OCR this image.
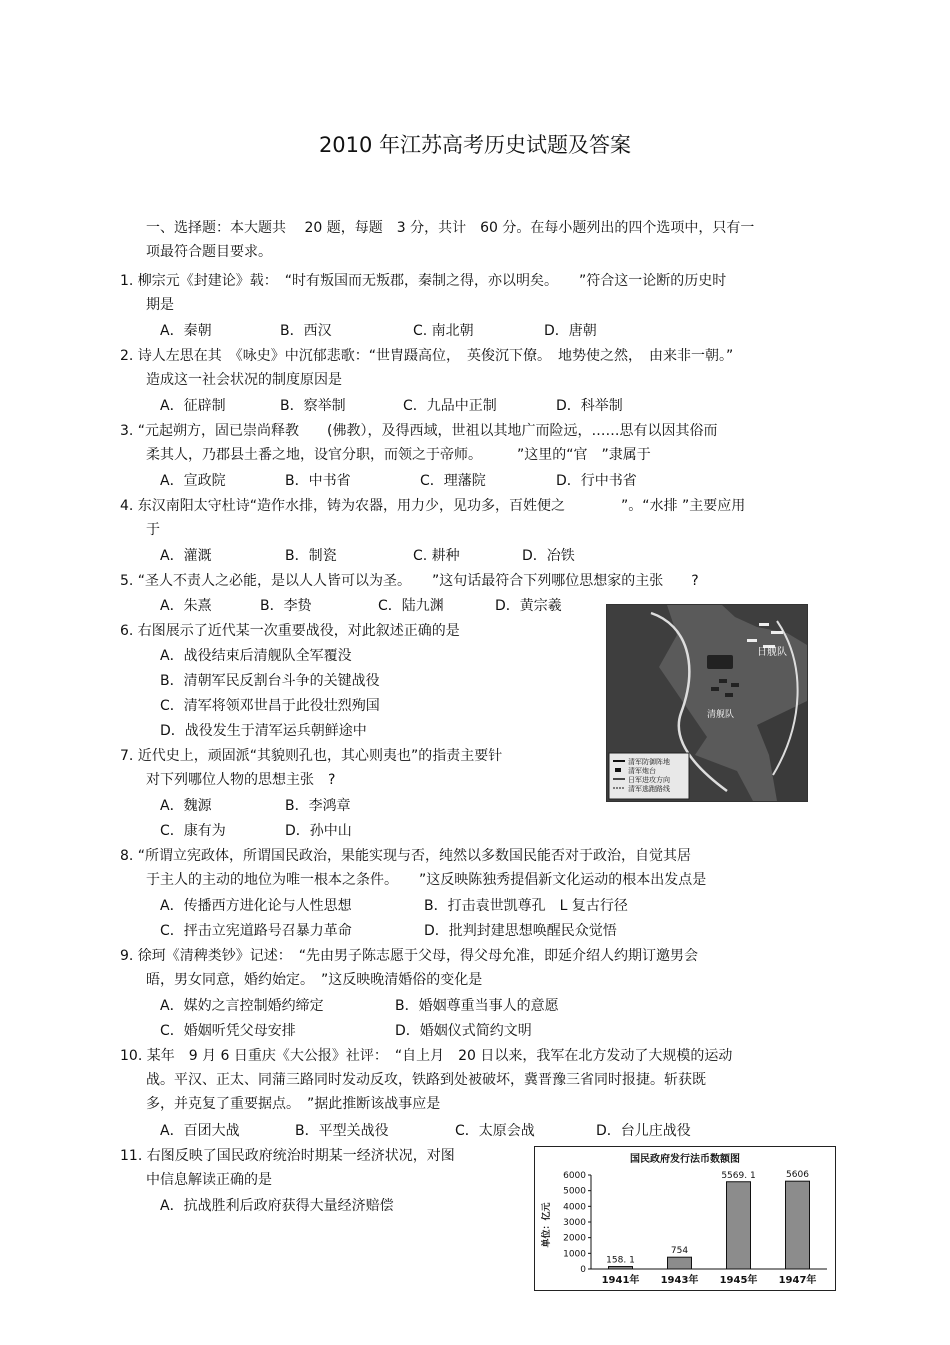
2010 年江苏高考历史试题及答案
一、选择题：本大题共　 20 题，每题　3 分，共计　60 分。在每小题列出的四个选项中，只有一
项最符合题目要求。
1. 柳宗元《封建论》载：　“时有叛国而无叛郡，秦制之得，亦以明矣。　　”符合这一论断的历史时
期是
A．秦朝	B．西汉	C. 南北朝	D．唐朝
2. 诗人左思在其　《咏史》中沉郁悲歌：“世胄蹑高位，　英俊沉下僚。　地势使之然，　由来非一朝。”
造成这一社会状况的制度原因是
A．征辟制	B．察举制	C．九品中正制	D．科举制
3. “元起朔方，固已崇尚释教　　(佛教），及得西域，世祖以其地广而险远，……思有以因其俗而
柔其人，乃郡县土番之地，设官分职，而领之于帝师。　　　”这里的“官　”隶属于
A．宣政院	B．中书省	C．理藩院	D．行中书省
4. 东汉南阳太守杜诗“造作水排，铸为农器，用力少，见功多，百姓便之　　　　”。“水排 ”主要应用
于
A．灌溉	B．制瓷	C. 耕种	D．冶铁
5. “圣人不责人之必能，是以人人皆可以为圣。　　”这句话最符合下列哪位思想家的主张　　?
A．朱熹	B．李贽	C．陆九渊	D．黄宗羲
6. 右图展示了近代某一次重要战役，对此叙述正确的是
A．战役结束后清舰队全军覆没
B．清朝军民反割台斗争的关键战役
C．清军将领邓世昌于此役壮烈殉国
D．战役发生于清军运兵朝鲜途中
日舰队
清舰队
清军防御阵地
清军炮台
日军进攻方向
清军逃跑路线
7. 近代史上，顽固派“其貌则孔也，其心则夷也”的指责主要针
对下列哪位人物的思想主张　?
A．魏源	B．李鸿章
C．康有为	D．孙中山
8. “所谓立宪政体，所谓国民政治，果能实现与否，纯然以多数国民能否对于政治，自觉其居
于主人的主动的地位为唯一根本之条件。　　”这反映陈独秀提倡新文化运动的根本出发点是
A．传播西方进化论与人性思想	B．打击袁世凯尊孔　L 复古行径
C．抨击立宪道路号召暴力革命	D．批判封建思想唤醒民众觉悟
9. 徐珂《清稗类钞》记述：　“先由男子陈志愿于父母，得父母允准，即延介绍人约期订邀男会
晤，男女同意，婚约始定。　”这反映晚清婚俗的变化是
A．媒妁之言控制婚约缔定	B．婚姻尊重当事人的意愿
C．婚姻听凭父母安排	D．婚姻仪式简约文明
10. 某年　9 月 6 日重庆《大公报》社评：　“自上月　20 日以来，我军在北方发动了大规模的运动
战。平汉、正太、同蒲三路同时发动反攻，铁路到处被破坏，冀晋豫三省同时报捷。斩获既
多，并克复了重要据点。　”据此推断该战事应是
A．百团大战	B．平型关战役	C．太原会战	D．台儿庄战役
11. 右图反映了国民政府统治时期某一经济状况，对图
中信息解读正确的是
A．抗战胜利后政府获得大量经济赔偿
国民政府发行法币数额图
单位：亿元
0
1000
2000
3000
4000
5000
6000
158. 1
1941年
754
1943年
5569. 1
1945年
5606
1947年
